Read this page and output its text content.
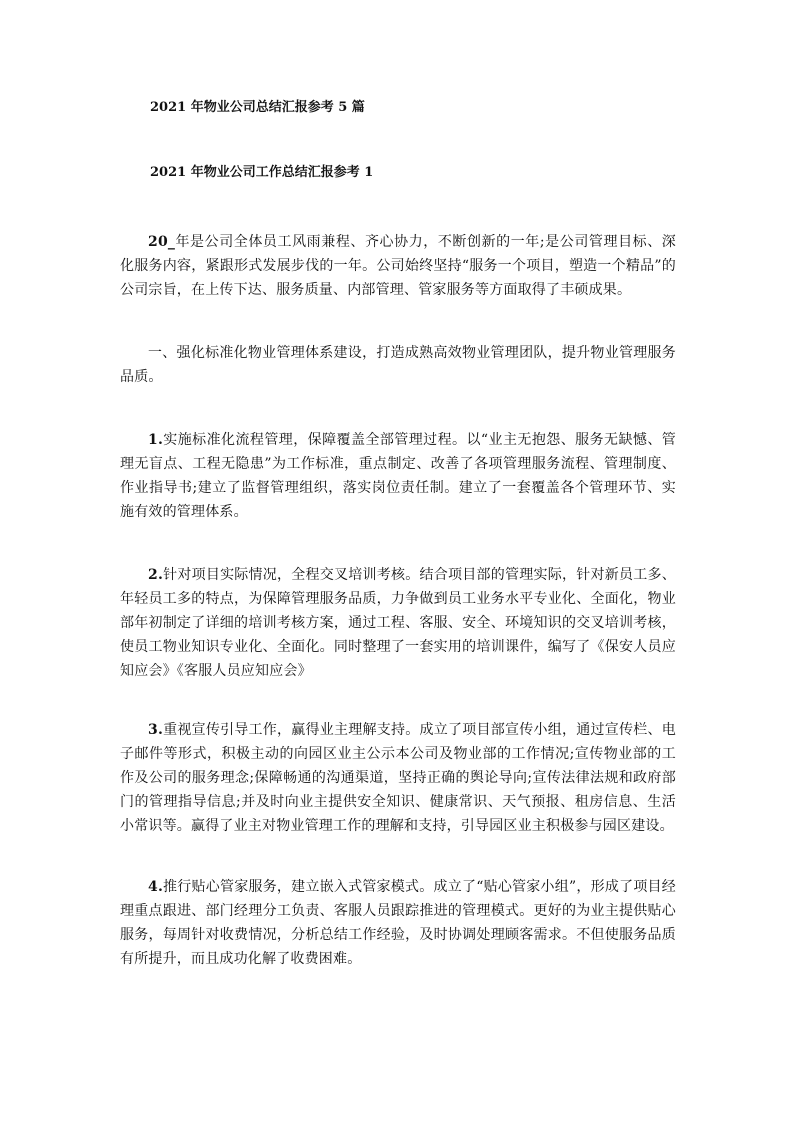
2021 年物业公司总结汇报参考 5 篇
2021 年物业公司工作总结汇报参考 1

20_年是公司全体员工风雨兼程、齐心协力，不断创新的一年;是公司管理目标、深化服务内容，紧跟形式发展步伐的一年。公司始终坚持“服务一个项目，塑造一个精品”的公司宗旨，在上传下达、服务质量、内部管理、管家服务等方面取得了丰硕成果。

一、强化标准化物业管理体系建设，打造成熟高效物业管理团队，提升物业管理服务品质。

1.实施标准化流程管理，保障覆盖全部管理过程。以“业主无抱怨、服务无缺憾、管理无盲点、工程无隐患”为工作标准，重点制定、改善了各项管理服务流程、管理制度、作业指导书;建立了监督管理组织，落实岗位责任制。建立了一套覆盖各个管理环节、实施有效的管理体系。

2.针对项目实际情况，全程交叉培训考核。结合项目部的管理实际，针对新员工多、年轻员工多的特点，为保障管理服务品质，力争做到员工业务水平专业化、全面化，物业部年初制定了详细的培训考核方案，通过工程、客服、安全、环境知识的交叉培训考核，使员工物业知识专业化、全面化。同时整理了一套实用的培训课件，编写了《保安人员应知应会》《客服人员应知应会》

3.重视宣传引导工作，赢得业主理解支持。成立了项目部宣传小组，通过宣传栏、电子邮件等形式，积极主动的向园区业主公示本公司及物业部的工作情况;宣传物业部的工作及公司的服务理念;保障畅通的沟通渠道，坚持正确的舆论导向;宣传法律法规和政府部门的管理指导信息;并及时向业主提供安全知识、健康常识、天气预报、租房信息、生活小常识等。赢得了业主对物业管理工作的理解和支持，引导园区业主积极参与园区建设。

4.推行贴心管家服务，建立嵌入式管家模式。成立了“贴心管家小组”，形成了项目经理重点跟进、部门经理分工负责、客服人员跟踪推进的管理模式。更好的为业主提供贴心服务，每周针对收费情况，分析总结工作经验，及时协调处理顾客需求。不但使服务品质有所提升，而且成功化解了收费困难。
